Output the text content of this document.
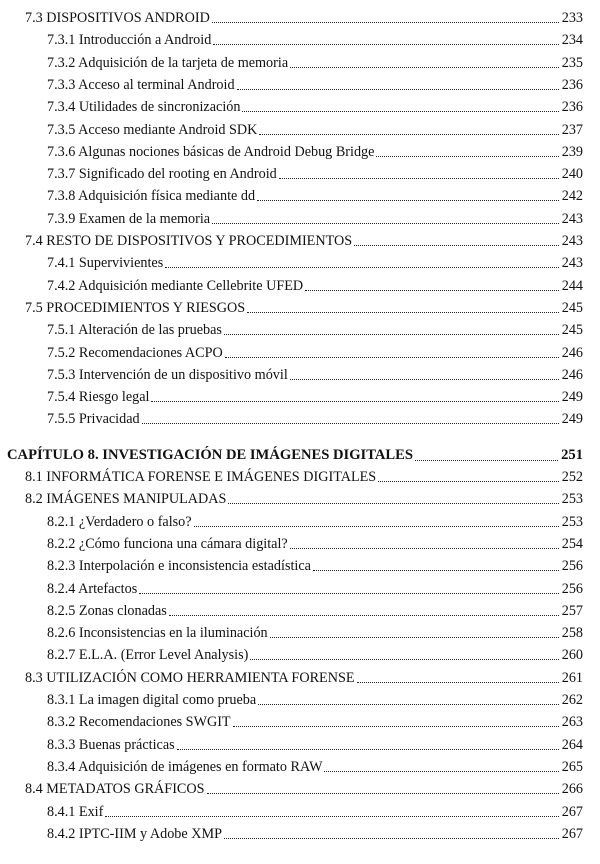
7.3 DISPOSITIVOS ANDROID	233
7.3.1 Introducción a Android	234
7.3.2 Adquisición de la tarjeta de memoria	235
7.3.3 Acceso al terminal Android	236
7.3.4 Utilidades de sincronización	236
7.3.5 Acceso mediante Android SDK	237
7.3.6 Algunas nociones básicas de Android Debug Bridge	239
7.3.7 Significado del rooting en Android	240
7.3.8 Adquisición física mediante dd	242
7.3.9 Examen de la memoria	243
7.4 RESTO DE DISPOSITIVOS Y PROCEDIMIENTOS	243
7.4.1 Supervivientes	243
7.4.2 Adquisición mediante Cellebrite UFED	244
7.5 PROCEDIMIENTOS Y RIESGOS	245
7.5.1 Alteración de las pruebas	245
7.5.2 Recomendaciones ACPO	246
7.5.3 Intervención de un dispositivo móvil	246
7.5.4 Riesgo legal	249
7.5.5 Privacidad	249
CAPÍTULO 8. INVESTIGACIÓN DE IMÁGENES DIGITALES	251
8.1 INFORMÁTICA FORENSE E IMÁGENES DIGITALES	252
8.2 IMÁGENES MANIPULADAS	253
8.2.1 ¿Verdadero o falso?	253
8.2.2 ¿Cómo funciona una cámara digital?	254
8.2.3 Interpolación e inconsistencia estadística	256
8.2.4 Artefactos	256
8.2.5 Zonas clonadas	257
8.2.6 Inconsistencias en la iluminación	258
8.2.7 E.L.A. (Error Level Analysis)	260
8.3 UTILIZACIÓN COMO HERRAMIENTA FORENSE	261
8.3.1 La imagen digital como prueba	262
8.3.2 Recomendaciones SWGIT	263
8.3.3 Buenas prácticas	264
8.3.4 Adquisición de imágenes en formato RAW	265
8.4 METADATOS GRÁFICOS	266
8.4.1 Exif	267
8.4.2 IPTC-IIM y Adobe XMP	267
